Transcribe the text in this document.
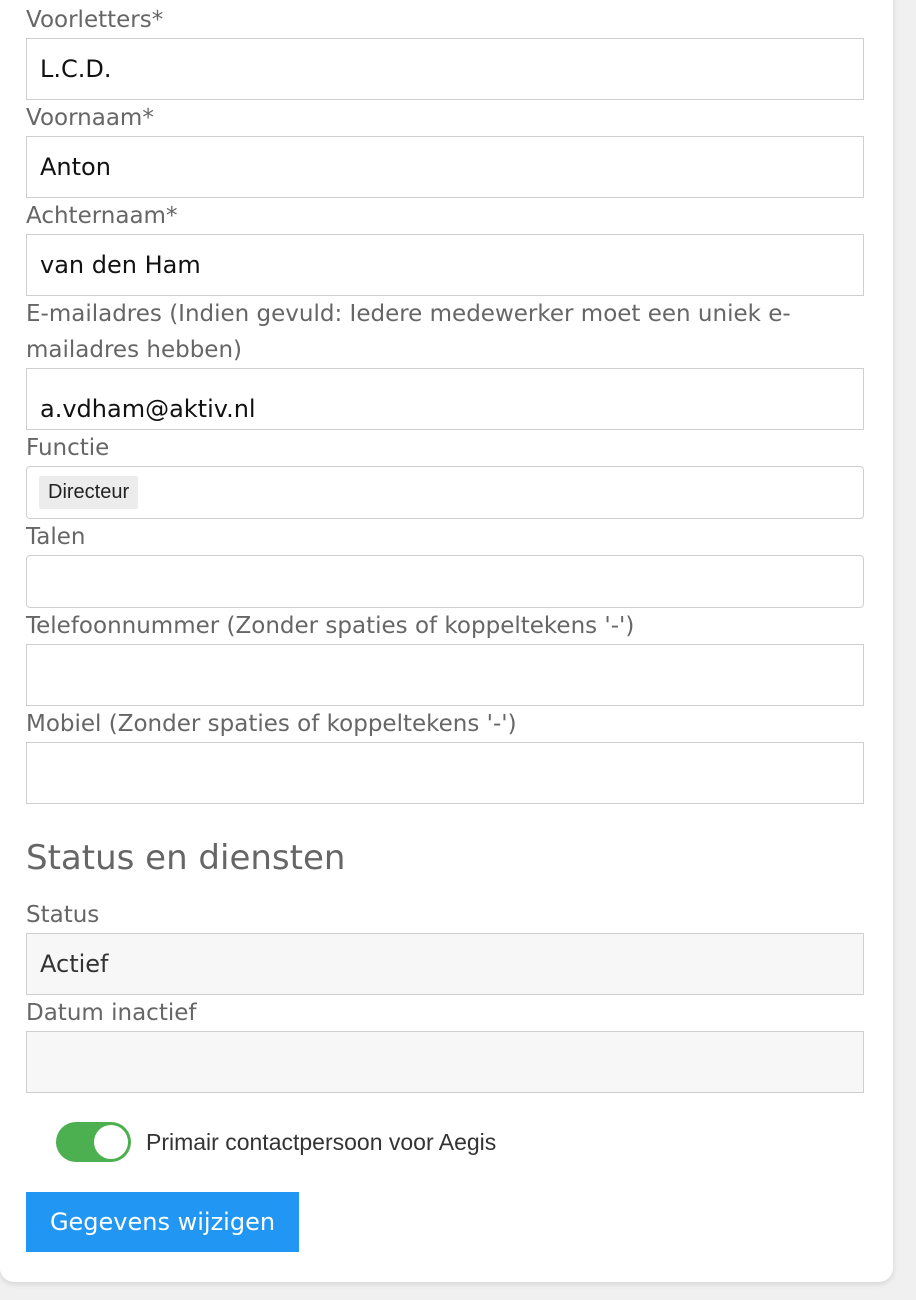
Voorletters*
L.C.D.
Voornaam*
Anton
Achternaam*
van den Ham
E-mailadres (Indien gevuld: Iedere medewerker moet een uniek e-mailadres hebben)
a.vdham@aktiv.nl
Functie
Directeur
Talen
Telefoonnummer (Zonder spaties of koppeltekens '-')
Mobiel (Zonder spaties of koppeltekens '-')
Status en diensten
Status
Actief
Datum inactief
Primair contactpersoon voor Aegis
Gegevens wijzigen
